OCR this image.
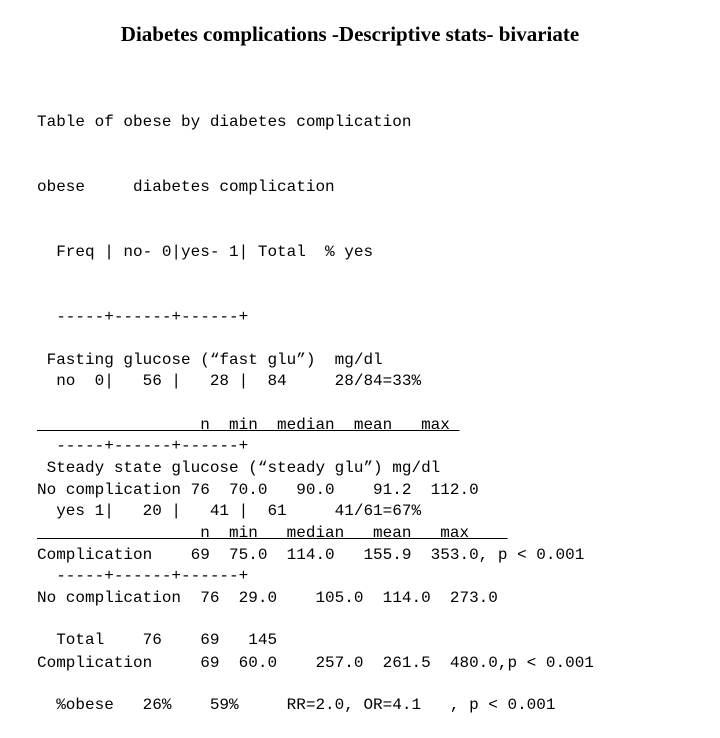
Diabetes complications -Descriptive stats- bivariate

Table of obese by diabetes complication

obese     diabetes complication

Freq | no- 0|yes- 1| Total  % yes

-----+------+------+

no  0|   56 |   28 |  84     28/84=33%

-----+------+------+

yes 1|   20 |   41 |  61     41/61=67%

-----+------+------+

Total    76    69   145

%obese   26%    59%     RR=2.0, OR=4.1   , p < 0.001

Fasting glucose (“fast glu”)  mg/dl

n  min  median  mean   max

No complication 76  70.0   90.0    91.2  112.0

Complication    69  75.0  114.0   155.9  353.0, p < 0.001

Steady state glucose (“steady glu”) mg/dl

n  min   median   mean   max

No complication  76  29.0    105.0  114.0  273.0

Complication     69  60.0    257.0  261.5  480.0,p < 0.001
